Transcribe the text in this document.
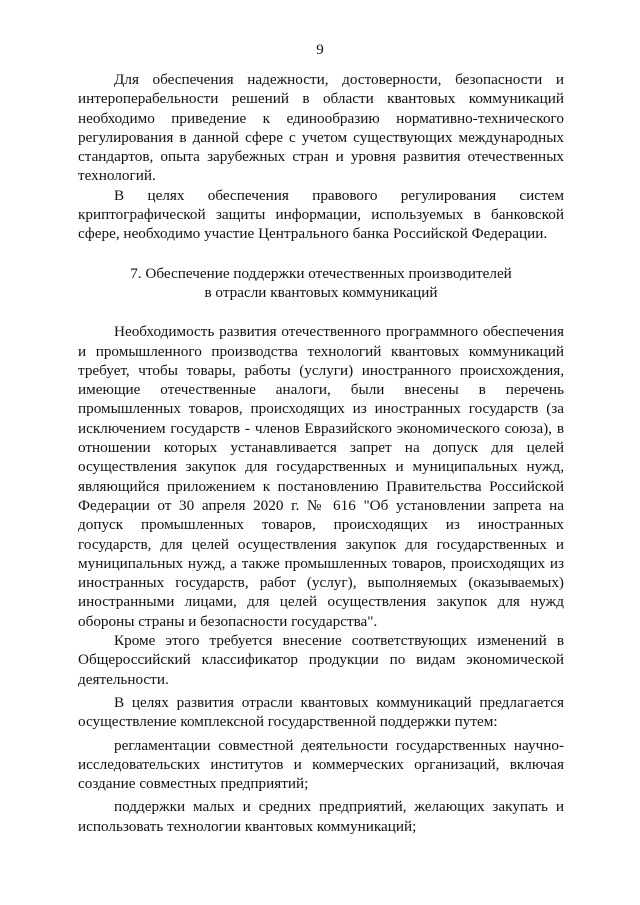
9

Для обеспечения надежности, достоверности, безопасности и интероперабельности решений в области квантовых коммуникаций необходимо приведение к единообразию нормативно-технического регулирования в данной сфере с учетом существующих международных стандартов, опыта зарубежных стран и уровня развития отечественных технологий.

В целях обеспечения правового регулирования систем криптографической защиты информации, используемых в банковской сфере, необходимо участие Центрального банка Российской Федерации.

7. Обеспечение поддержки отечественных производителей
в отрасли квантовых коммуникаций

Необходимость развития отечественного программного обеспечения и промышленного производства технологий квантовых коммуникаций требует, чтобы товары, работы (услуги) иностранного происхождения, имеющие отечественные аналоги, были внесены в перечень промышленных товаров, происходящих из иностранных государств (за исключением государств - членов Евразийского экономического союза), в отношении которых устанавливается запрет на допуск для целей осуществления закупок для государственных и муниципальных нужд, являющийся приложением к постановлению Правительства Российской Федерации от 30 апреля 2020 г. № 616 "Об установлении запрета на допуск промышленных товаров, происходящих из иностранных государств, для целей осуществления закупок для государственных и муниципальных нужд, а также промышленных товаров, происходящих из иностранных государств, работ (услуг), выполняемых (оказываемых) иностранными лицами, для целей осуществления закупок для нужд обороны страны и безопасности государства".

Кроме этого требуется внесение соответствующих изменений в Общероссийский классификатор продукции по видам экономической деятельности.

В целях развития отрасли квантовых коммуникаций предлагается осуществление комплексной государственной поддержки путем:

регламентации совместной деятельности государственных научно-исследовательских институтов и коммерческих организаций, включая создание совместных предприятий;

поддержки малых и средних предприятий, желающих закупать и использовать технологии квантовых коммуникаций;
